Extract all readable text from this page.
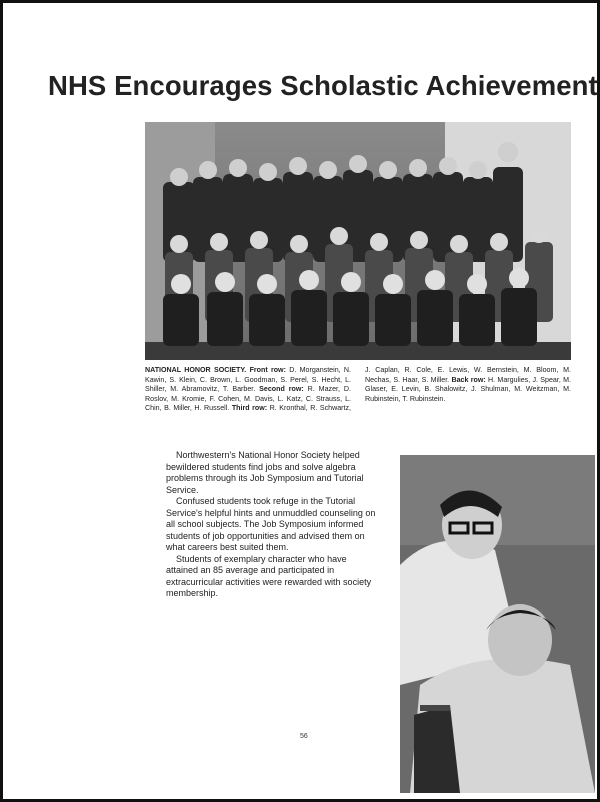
NHS Encourages Scholastic Achievement
NATIONAL HONOR SOCIETY. Front row: D. Morganstein, N. Kawin, S. Klein, C. Brown, L. Goodman, S. Perel, S. Hecht, L. Shiller, M. Abramovitz, T. Barber. Second row: R. Mazer, D. Roslov, M. Kromie, F. Cohen, M. Davis, L. Katz, C. Strauss, L. Chin, B. Miller, H. Russell. Third row: R. Kronthal, R. Schwartz, J. Caplan, R. Cole, E. Lewis, W. Bernstein, M. Bloom, M. Nechas, S. Haar, S. Miller. Back row: H. Margulies, J. Spear, M. Glaser, E. Levin, B. Shalowitz, J. Shulman, M. Weitzman, M. Rubinstein, T. Rubinstein.

Northwestern's National Honor Society helped bewildered students find jobs and solve algebra problems through its Job Symposium and Tutorial Service.

Confused students took refuge in the Tutorial Service's helpful hints and unmuddled counseling on all school subjects. The Job Symposium informed students of job opportunities and advised them on what careers best suited them.

Students of exemplary character who have attained an 85 average and participated in extracurricular activities were rewarded with society membership.

56
